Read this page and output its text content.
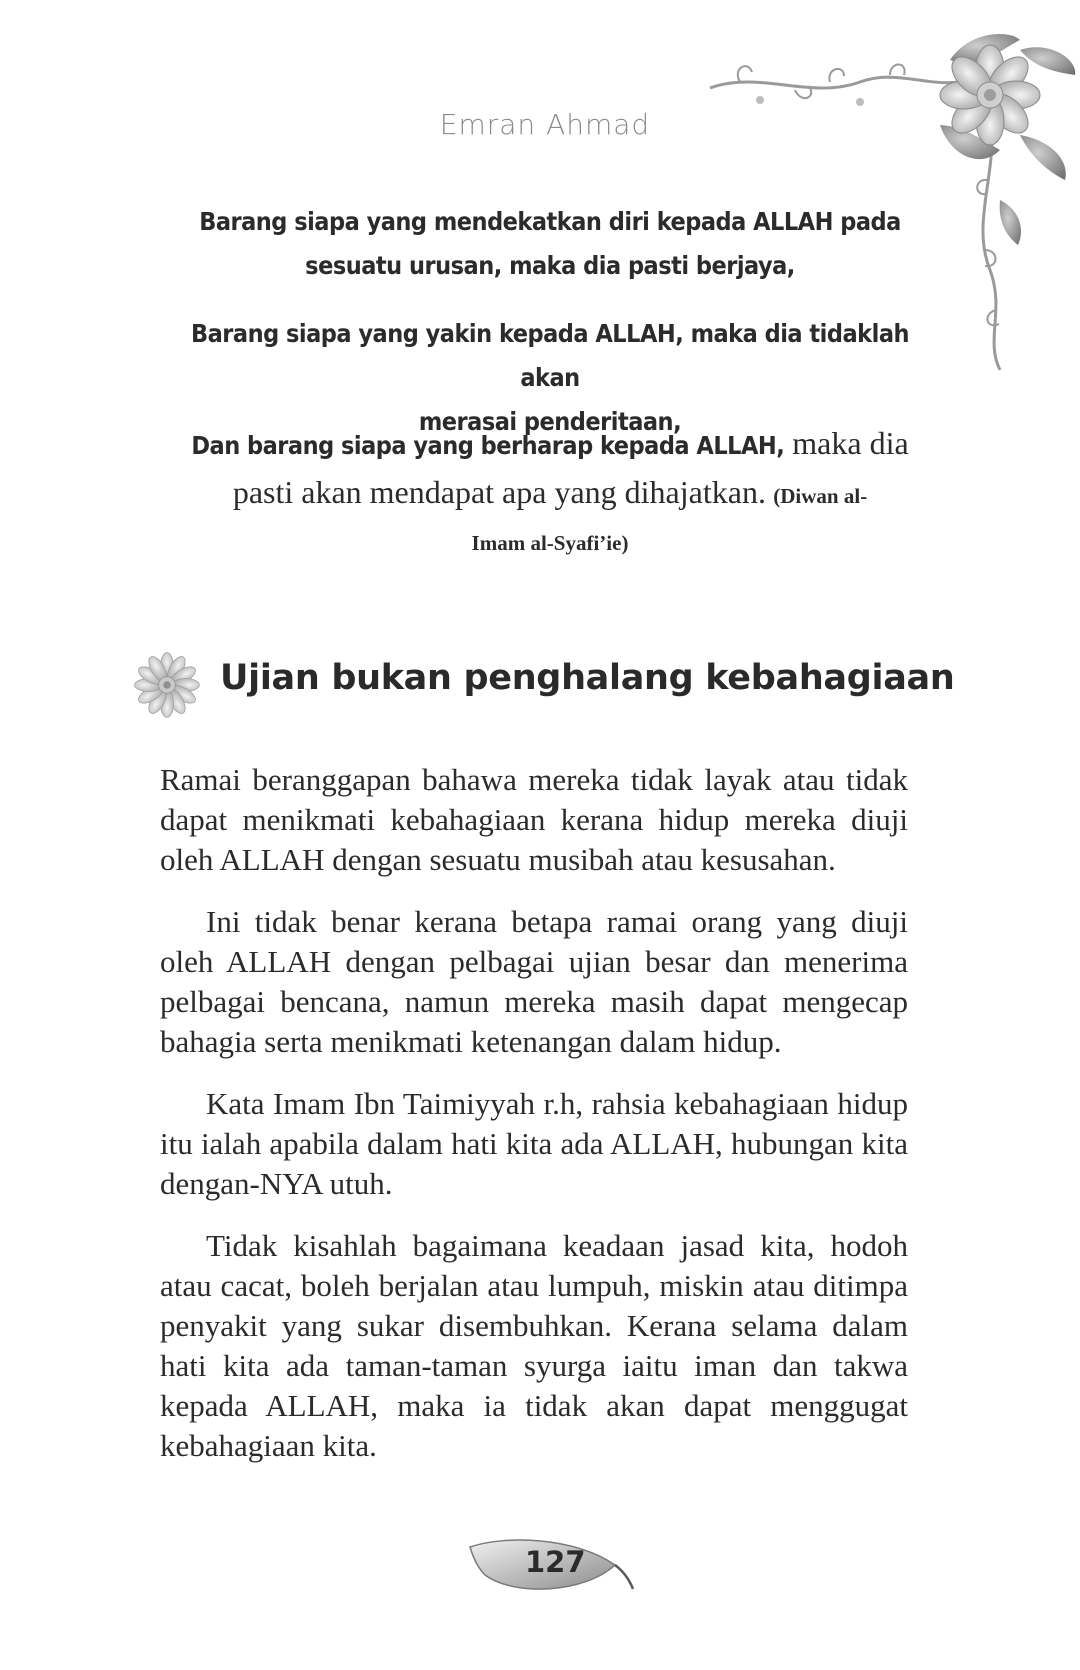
Emran Ahmad
Barang siapa yang mendekatkan diri kepada ALLAH pada
sesuatu urusan, maka dia pasti berjaya,
Barang siapa yang yakin kepada ALLAH, maka dia tidaklah akan
merasai penderitaan,
Dan barang siapa yang berharap kepada ALLAH, maka dia
pasti akan mendapat apa yang dihajatkan. (Diwan al-
Imam al-Syafi’ie)
Ujian bukan penghalang kebahagiaan

Ramai beranggapan bahawa mereka tidak layak atau tidak dapat menikmati kebahagiaan kerana hidup mereka diuji oleh ALLAH dengan sesuatu musibah atau kesusahan.

Ini tidak benar kerana betapa ramai orang yang diuji oleh ALLAH dengan pelbagai ujian besar dan menerima pelbagai bencana, namun mereka masih dapat mengecap bahagia serta menikmati ketenangan dalam hidup.

Kata Imam Ibn Taimiyyah r.h, rahsia kebahagiaan hidup itu ialah apabila dalam hati kita ada ALLAH, hubungan kita dengan-NYA utuh.

Tidak kisahlah bagaimana keadaan jasad kita, hodoh atau cacat, boleh berjalan atau lumpuh, miskin atau ditimpa penyakit yang sukar disembuhkan. Kerana selama dalam hati kita ada taman-taman syurga iaitu iman dan takwa kepada ALLAH, maka ia tidak akan dapat menggugat kebahagiaan kita.

127
